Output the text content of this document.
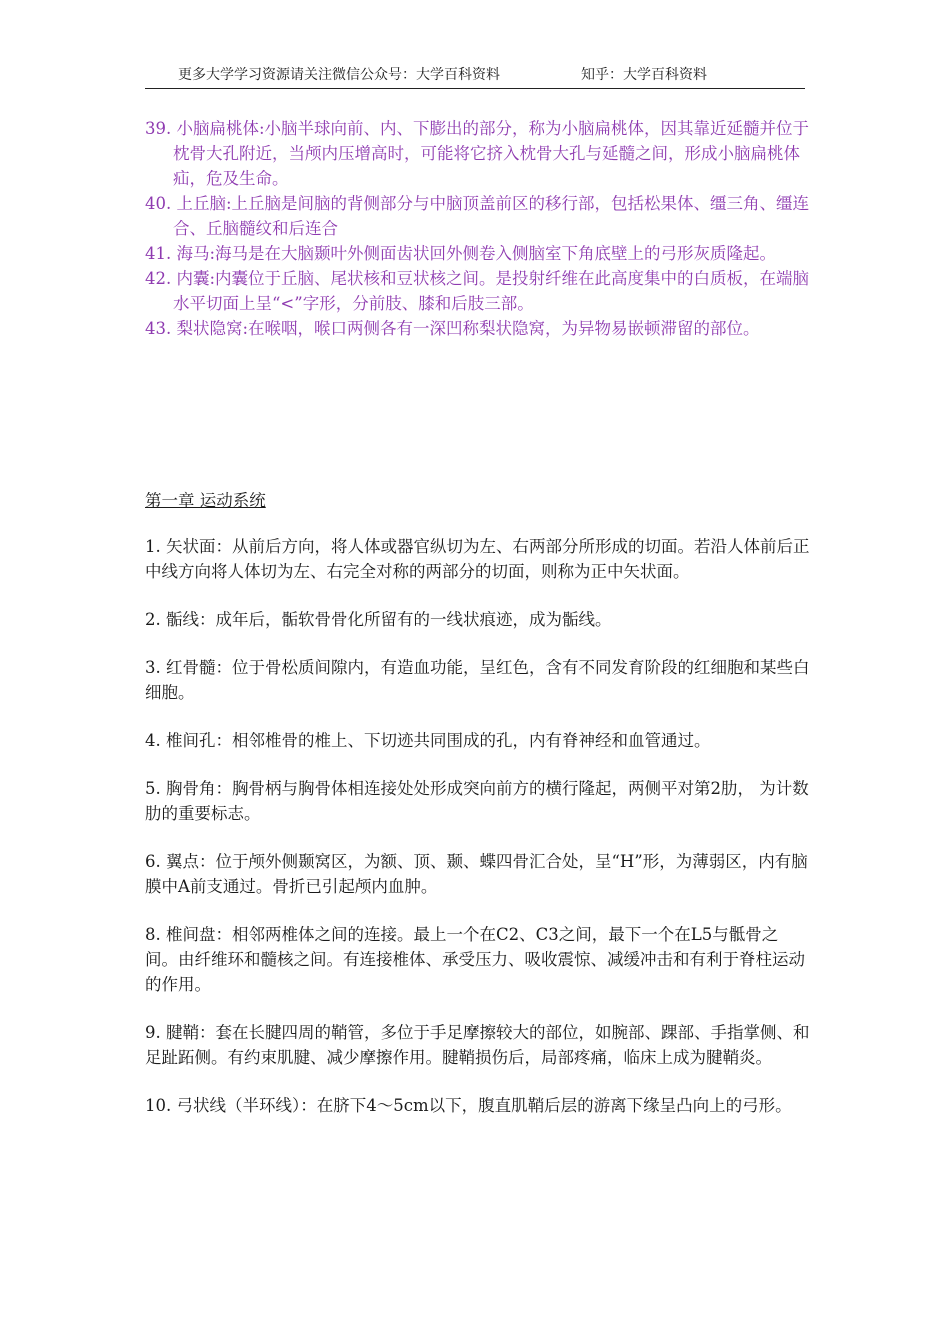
更多大学学习资源请关注微信公众号：大学百科资料	知乎：大学百科资料
39. 小脑扁桃体:小脑半球向前、内、下膨出的部分，称为小脑扁桃体，因其靠近延髓并位于枕骨大孔附近，当颅内压增高时，可能将它挤入枕骨大孔与延髓之间，形成小脑扁桃体疝，危及生命。
40. 上丘脑:上丘脑是间脑的背侧部分与中脑顶盖前区的移行部，包括松果体、缰三角、缰连合、丘脑髓纹和后连合
41. 海马:海马是在大脑颞叶外侧面齿状回外侧卷入侧脑室下角底壁上的弓形灰质隆起。
42. 内囊:内囊位于丘脑、尾状核和豆状核之间。是投射纤维在此高度集中的白质板，在端脑水平切面上呈“<”字形，分前肢、膝和后肢三部。
43. 梨状隐窝:在喉咽，喉口两侧各有一深凹称梨状隐窝，为异物易嵌顿滞留的部位。
第一章 运动系统

1. 矢状面：从前后方向，将人体或器官纵切为左、右两部分所形成的切面。若沿人体前后正中线方向将人体切为左、右完全对称的两部分的切面，则称为正中矢状面。

2. 骺线：成年后，骺软骨骨化所留有的一线状痕迹，成为骺线。

3. 红骨髓：位于骨松质间隙内，有造血功能，呈红色，含有不同发育阶段的红细胞和某些白细胞。

4. 椎间孔：相邻椎骨的椎上、下切迹共同围成的孔，内有脊神经和血管通过。

5. 胸骨角：胸骨柄与胸骨体相连接处处形成突向前方的横行隆起，两侧平对第2肋， 为计数肋的重要标志。

6. 翼点：位于颅外侧颞窝区，为额、顶、颞、蝶四骨汇合处，呈“H”形，为薄弱区，内有脑膜中A前支通过。骨折已引起颅内血肿。

8. 椎间盘：相邻两椎体之间的连接。最上一个在C2、C3之间，最下一个在L5与骶骨之间。由纤维环和髓核之间。有连接椎体、承受压力、吸收震惊、减缓冲击和有利于脊柱运动的作用。

9. 腱鞘：套在长腱四周的鞘管，多位于手足摩擦较大的部位，如腕部、踝部、手指掌侧、和足趾跖侧。有约束肌腱、减少摩擦作用。腱鞘损伤后，局部疼痛，临床上成为腱鞘炎。

10. 弓状线（半环线）：在脐下4～5cm以下，腹直肌鞘后层的游离下缘呈凸向上的弓形。
